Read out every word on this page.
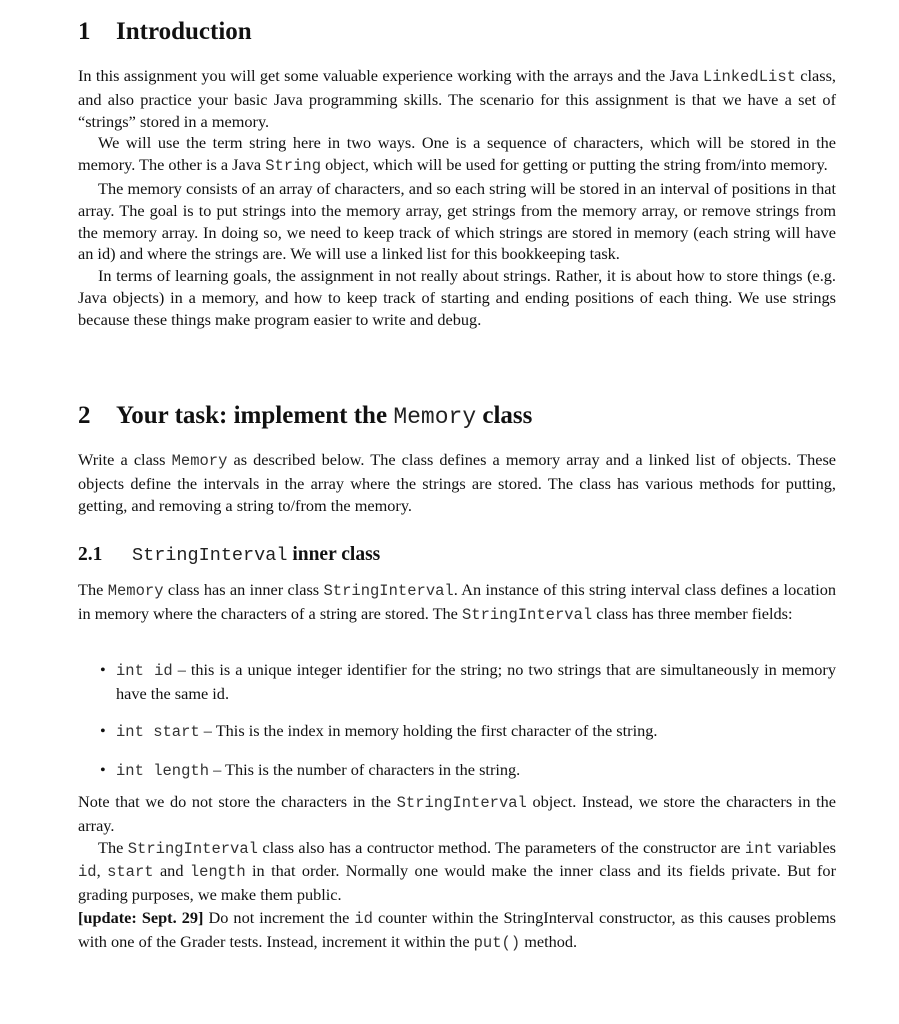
1 Introduction
In this assignment you will get some valuable experience working with the arrays and the Java LinkedList class, and also practice your basic Java programming skills. The scenario for this assignment is that we have a set of “strings” stored in a memory.
We will use the term string here in two ways. One is a sequence of characters, which will be stored in the memory. The other is a Java String object, which will be used for getting or putting the string from/into memory.
The memory consists of an array of characters, and so each string will be stored in an interval of positions in that array. The goal is to put strings into the memory array, get strings from the memory array, or remove strings from the memory array. In doing so, we need to keep track of which strings are stored in memory (each string will have an id) and where the strings are. We will use a linked list for this bookkeeping task.
In terms of learning goals, the assignment in not really about strings. Rather, it is about how to store things (e.g. Java objects) in a memory, and how to keep track of starting and ending positions of each thing. We use strings because these things make program easier to write and debug.
2 Your task: implement the Memory class
Write a class Memory as described below. The class defines a memory array and a linked list of objects. These objects define the intervals in the array where the strings are stored. The class has various methods for putting, getting, and removing a string to/from the memory.
2.1 StringInterval inner class
The Memory class has an inner class StringInterval. An instance of this string interval class defines a location in memory where the characters of a string are stored. The StringInterval class has three member fields:
• int id – this is a unique integer identifier for the string; no two strings that are simultaneously in memory have the same id.
• int start – This is the index in memory holding the first character of the string.
• int length – This is the number of characters in the string.
Note that we do not store the characters in the StringInterval object. Instead, we store the characters in the array.
The StringInterval class also has a contructor method. The parameters of the constructor are int variables id, start and length in that order. Normally one would make the inner class and its fields private. But for grading purposes, we make them public.
[update: Sept. 29] Do not increment the id counter within the StringInterval constructor, as this causes problems with one of the Grader tests. Instead, increment it within the put() method.
